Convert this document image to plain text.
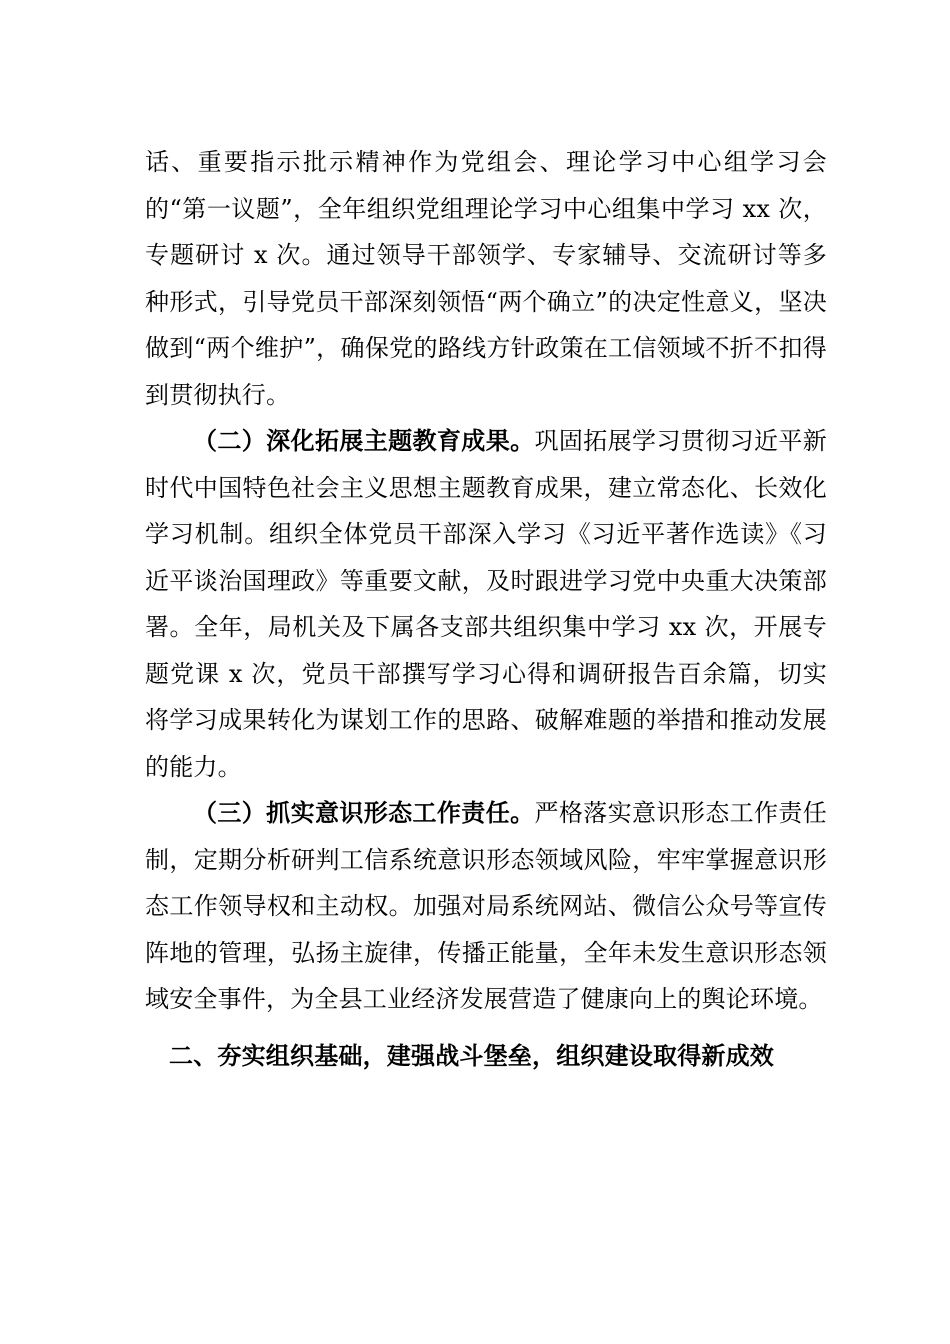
话、重要指示批示精神作为党组会、理论学习中心组学习会的“第一议题”，全年组织党组理论学习中心组集中学习 xx 次，专题研讨 x 次。通过领导干部领学、专家辅导、交流研讨等多种形式，引导党员干部深刻领悟“两个确立”的决定性意义，坚决做到“两个维护”，确保党的路线方针政策在工信领域不折不扣得到贯彻执行。

（二）深化拓展主题教育成果。巩固拓展学习贯彻习近平新时代中国特色社会主义思想主题教育成果，建立常态化、长效化学习机制。组织全体党员干部深入学习《习近平著作选读》《习近平谈治国理政》等重要文献，及时跟进学习党中央重大决策部署。全年，局机关及下属各支部共组织集中学习 xx 次，开展专题党课 x 次，党员干部撰写学习心得和调研报告百余篇，切实将学习成果转化为谋划工作的思路、破解难题的举措和推动发展的能力。

（三）抓实意识形态工作责任。严格落实意识形态工作责任制，定期分析研判工信系统意识形态领域风险，牢牢掌握意识形态工作领导权和主动权。加强对局系统网站、微信公众号等宣传阵地的管理，弘扬主旋律，传播正能量，全年未发生意识形态领域安全事件，为全县工业经济发展营造了健康向上的舆论环境。

二、夯实组织基础，建强战斗堡垒，组织建设取得新成效
